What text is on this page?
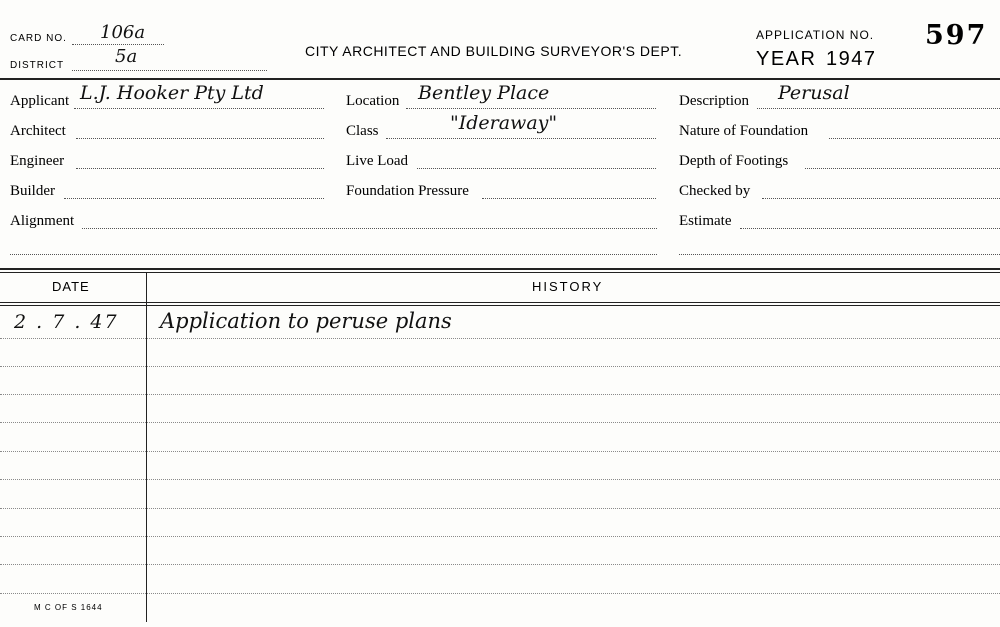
CARD NO. 106a
DISTRICT	5a	CITY ARCHITECT AND BUILDING SURVEYOR'S DEPT.
APPLICATION NO. 597
YEAR 1947
Applicant L.J. Hooker Pty Ltd
Architect
Engineer
Builder
Alignment
Location Bentley Place
Class	"Ideraway"
Live Load
Foundation Pressure
Description Perusal
Nature of Foundation
Depth of Footings
Checked by
Estimate
DATE	HISTORY
2 . 7 . 47 Application to peruse plans
M C OF S 1644
